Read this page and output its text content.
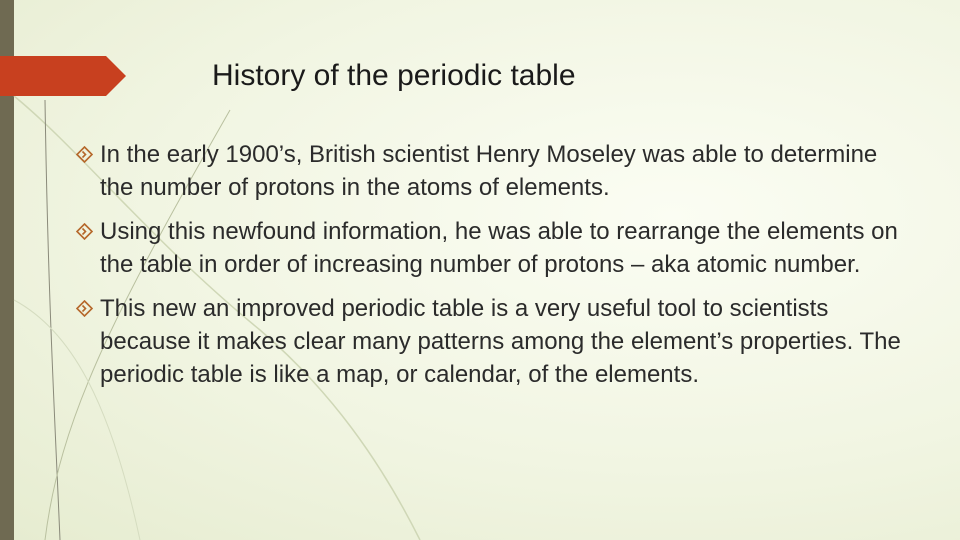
History of the periodic table
In the early 1900’s, British scientist Henry Moseley was able to determine the number of protons in the atoms of elements.
Using this newfound information, he was able to rearrange the elements on the table in order of increasing number of protons – aka atomic number.
This new an improved periodic table is a very useful tool to scientists because it makes clear many patterns among the element’s properties. The periodic table is like a map, or calendar, of the elements.
